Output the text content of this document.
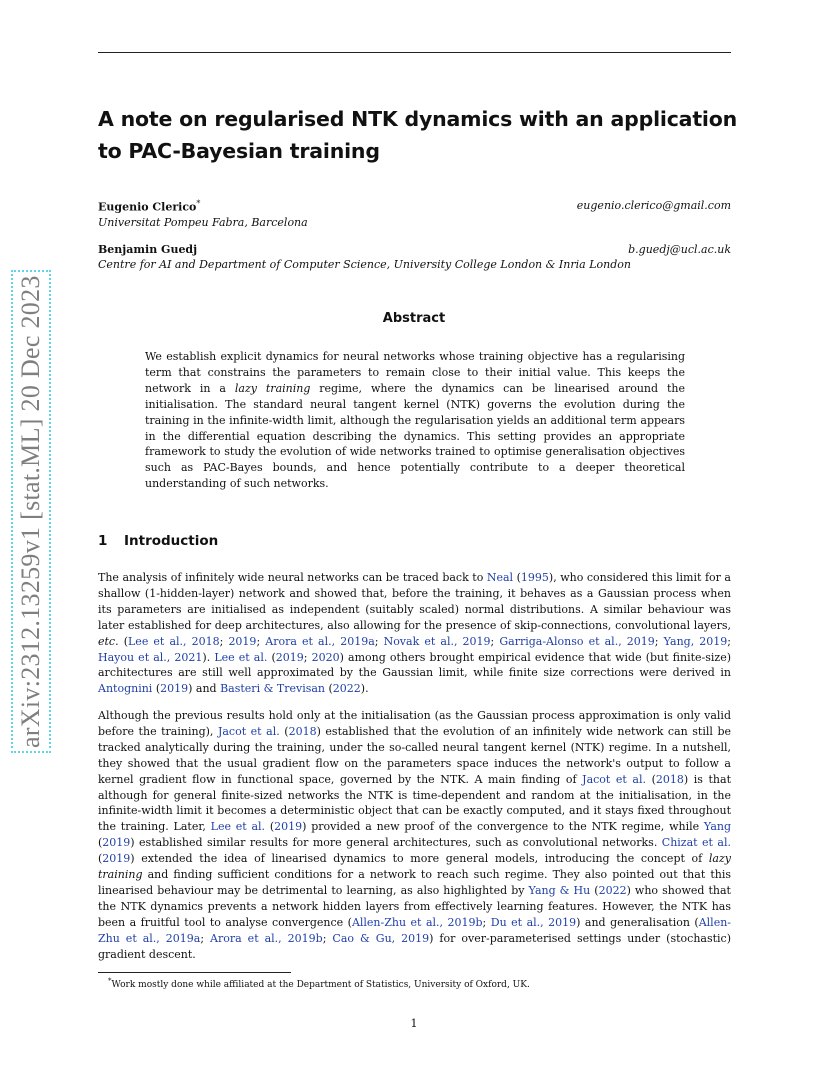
arXiv:2312.13259v1 [stat.ML] 20 Dec 2023
A note on regularised NTK dynamics with an application to PAC-Bayesian training
Eugenio Clerico*	eugenio.clerico@gmail.com
Universitat Pompeu Fabra, Barcelona
Benjamin Guedj	b.guedj@ucl.ac.uk
Centre for AI and Department of Computer Science, University College London & Inria London
Abstract

We establish explicit dynamics for neural networks whose training objective has a regularising term that constrains the parameters to remain close to their initial value. This keeps the network in a lazy training regime, where the dynamics can be linearised around the initialisation. The standard neural tangent kernel (NTK) governs the evolution during the training in the infinite-width limit, although the regularisation yields an additional term appears in the differential equation describing the dynamics. This setting provides an appropriate framework to study the evolution of wide networks trained to optimise generalisation objectives such as PAC-Bayes bounds, and hence potentially contribute to a deeper theoretical understanding of such networks.

1 Introduction

The analysis of infinitely wide neural networks can be traced back to Neal (1995), who considered this limit for a shallow (1-hidden-layer) network and showed that, before the training, it behaves as a Gaussian process when its parameters are initialised as independent (suitably scaled) normal distributions. A similar behaviour was later established for deep architectures, also allowing for the presence of skip-connections, convolutional layers, etc. (Lee et al., 2018; 2019; Arora et al., 2019a; Novak et al., 2019; Garriga-Alonso et al., 2019; Yang, 2019; Hayou et al., 2021). Lee et al. (2019; 2020) among others brought empirical evidence that wide (but finite-size) architectures are still well approximated by the Gaussian limit, while finite size corrections were derived in Antognini (2019) and Basteri & Trevisan (2022).

Although the previous results hold only at the initialisation (as the Gaussian process approximation is only valid before the training), Jacot et al. (2018) established that the evolution of an infinitely wide network can still be tracked analytically during the training, under the so-called neural tangent kernel (NTK) regime. In a nutshell, they showed that the usual gradient flow on the parameters space induces the network's output to follow a kernel gradient flow in functional space, governed by the NTK. A main finding of Jacot et al. (2018) is that although for general finite-sized networks the NTK is time-dependent and random at the initialisation, in the infinite-width limit it becomes a deterministic object that can be exactly computed, and it stays fixed throughout the training. Later, Lee et al. (2019) provided a new proof of the convergence to the NTK regime, while Yang (2019) established similar results for more general architectures, such as convolutional networks. Chizat et al. (2019) extended the idea of linearised dynamics to more general models, introducing the concept of lazy training and finding sufficient conditions for a network to reach such regime. They also pointed out that this linearised behaviour may be detrimental to learning, as also highlighted by Yang & Hu (2022) who showed that the NTK dynamics prevents a network hidden layers from effectively learning features. However, the NTK has been a fruitful tool to analyse convergence (Allen-Zhu et al., 2019b; Du et al., 2019) and generalisation (Allen-Zhu et al., 2019a; Arora et al., 2019b; Cao & Gu, 2019) for over-parameterised settings under (stochastic) gradient descent.

*Work mostly done while affiliated at the Department of Statistics, University of Oxford, UK.

1
